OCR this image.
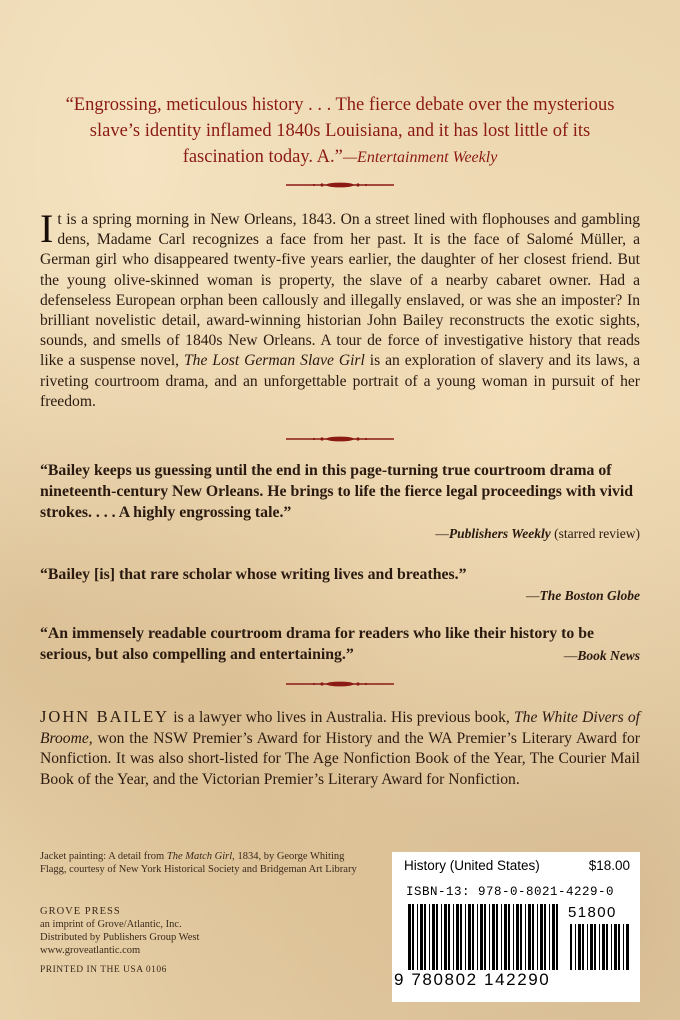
“Engrossing, meticulous history . . . The fierce debate over the mysterious slave’s identity inflamed 1840s Louisiana, and it has lost little of its fascination today. A.”—Entertainment Weekly
It is a spring morning in New Orleans, 1843. On a street lined with flophouses and gambling dens, Madame Carl recognizes a face from her past. It is the face of Salomé Müller, a German girl who disappeared twenty-five years earlier, the daughter of her closest friend. But the young olive-skinned woman is property, the slave of a nearby cabaret owner. Had a defenseless European orphan been callously and illegally enslaved, or was she an imposter? In brilliant novelistic detail, award-winning historian John Bailey reconstructs the exotic sights, sounds, and smells of 1840s New Orleans. A tour de force of investigative history that reads like a suspense novel, The Lost German Slave Girl is an exploration of slavery and its laws, a riveting courtroom drama, and an unforgettable portrait of a young woman in pursuit of her freedom.
“Bailey keeps us guessing until the end in this page-turning true courtroom drama of nineteenth-century New Orleans. He brings to life the fierce legal proceedings with vivid strokes. . . . A highly engrossing tale.”
—Publishers Weekly (starred review)
“Bailey [is] that rare scholar whose writing lives and breathes.”
—The Boston Globe
“An immensely readable courtroom drama for readers who like their history to be serious, but also compelling and entertaining.”	—Book News
JOHN BAILEY is a lawyer who lives in Australia. His previous book, The White Divers of Broome, won the NSW Premier’s Award for History and the WA Premier’s Literary Award for Nonfiction. It was also short-listed for The Age Nonfiction Book of the Year, The Courier Mail Book of the Year, and the Victorian Premier’s Literary Award for Nonfiction.
Jacket painting: A detail from The Match Girl, 1834, by George Whiting Flagg, courtesy of New York Historical Society and Bridgeman Art Library
GROVE PRESS
an imprint of Grove/Atlantic, Inc.
Distributed by Publishers Group West
www.groveatlantic.com
PRINTED IN THE USA 0106
History (United States)	$18.00
ISBN-13: 978-0-8021-4229-0
51800
9 780802 142290
